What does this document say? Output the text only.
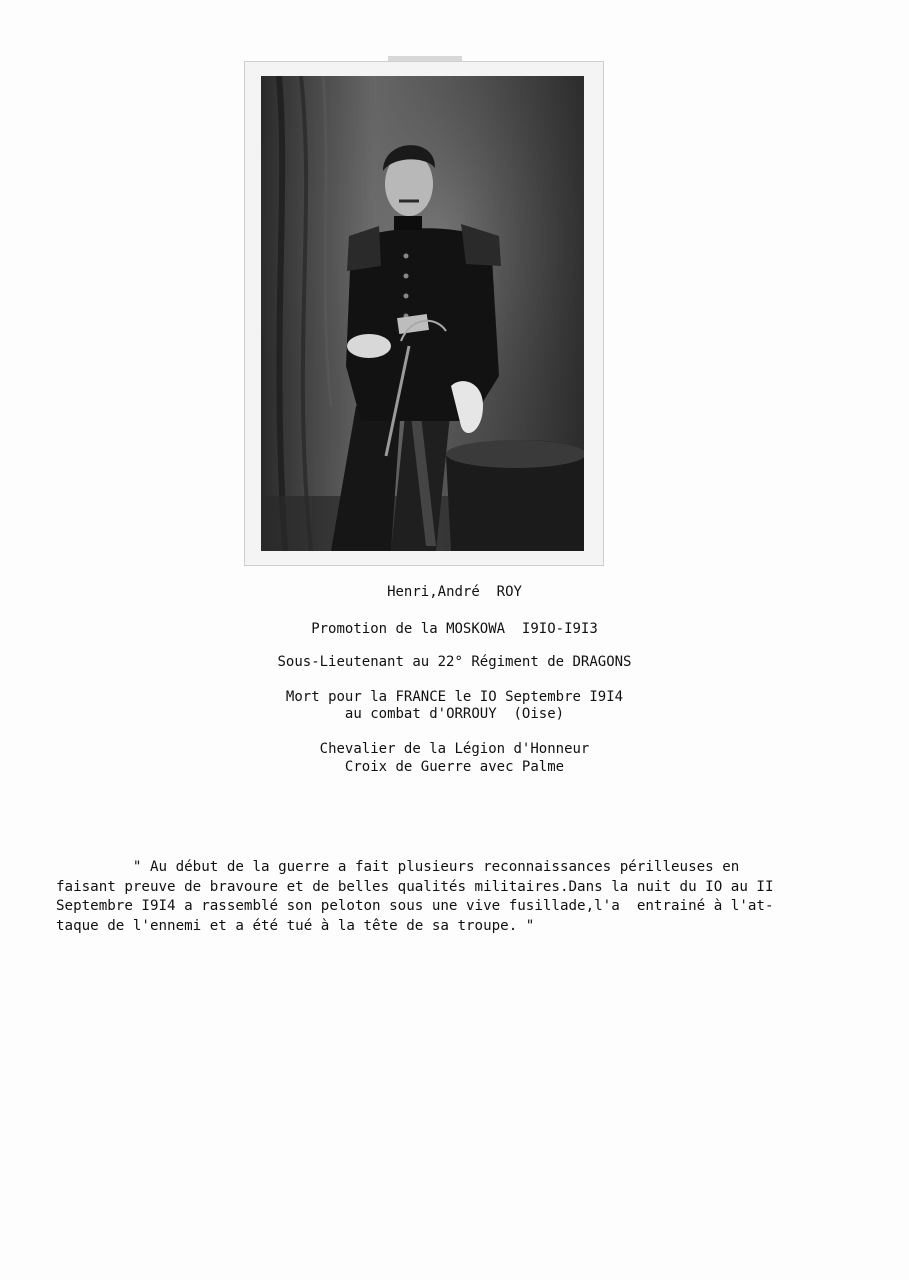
Henri,André  ROY
Promotion de la MOSKOWA  I9IO-I9I3
Sous-Lieutenant au 22° Régiment de DRAGONS
Mort pour la FRANCE le IO Septembre I9I4
au combat d'ORROUY  (Oise)
Chevalier de la Légion d'Honneur
Croix de Guerre avec Palme
" Au début de la guerre a fait plusieurs reconnaissances périlleuses en
faisant preuve de bravoure et de belles qualités militaires.Dans la nuit du IO au II
Septembre I9I4 a rassemblé son peloton sous une vive fusillade,l'a  entrainé à l'at-
taque de l'ennemi et a été tué à la tête de sa troupe. "
